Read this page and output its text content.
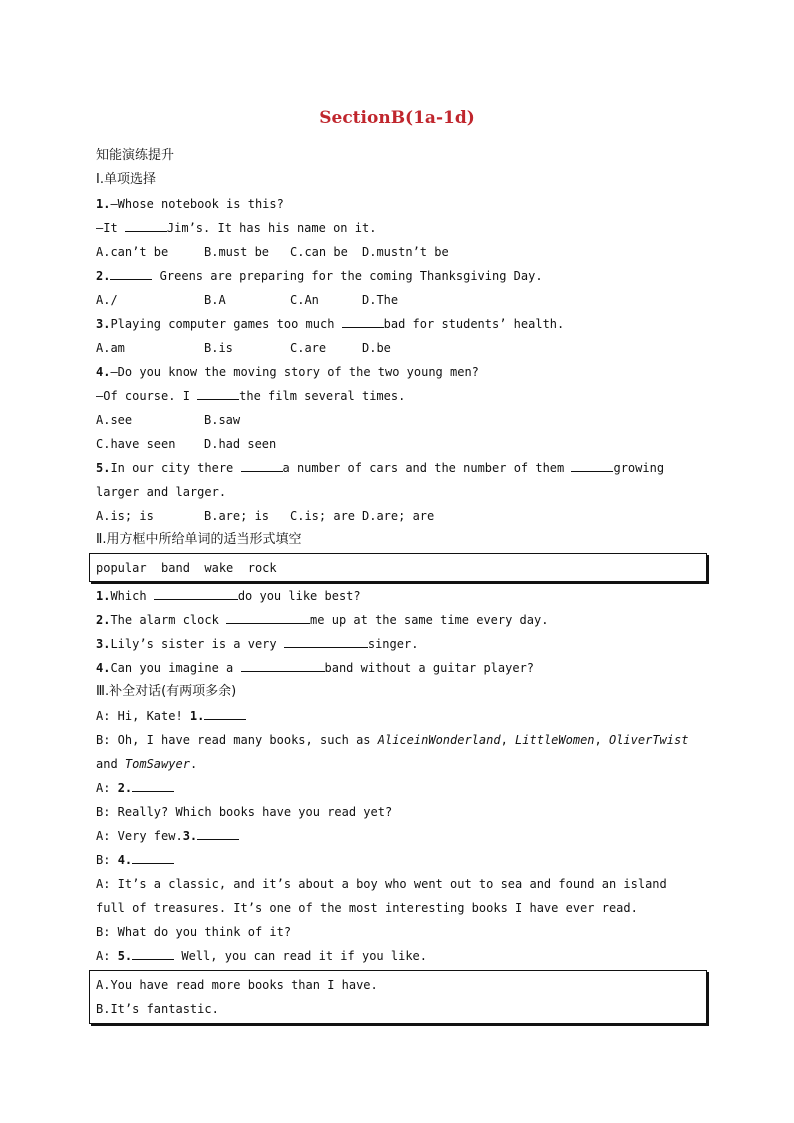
SectionB(1a-1d)
知能演练提升
Ⅰ.单项选择
1.—Whose notebook is this?
—It	Jim’s. It has his name on it.
A.can’t be	B.must be C.can be D.mustn’t be
2.	Greens are preparing for the coming Thanksgiving Day.
A./	B.A	C.An	D.The
3.Playing computer games too much	bad for students’ health.
A.am	B.is	C.are	D.be
4.—Do you know the moving story of the two young men?
—Of course. I	the film several times.
A.see	B.saw
C.have seen D.had seen
5.In our city there	a number of cars and the number of them	growing
larger and larger.
A.is; is	B.are; is C.is; are D.are; are
Ⅱ.用方框中所给单词的适当形式填空
popular  band  wake  rock
1.Which	do you like best?
2.The alarm clock	me up at the same time every day.
3.Lily’s sister is a very	singer.
4.Can you imagine a	band without a guitar player?
Ⅲ.补全对话(有两项多余)
A: Hi, Kate! 1.
B: Oh, I have read many books, such as AliceinWonderland, LittleWomen, OliverTwist
and TomSawyer.
A: 2.
B: Really? Which books have you read yet?
A: Very few.3.
B: 4.
A: It’s a classic, and it’s about a boy who went out to sea and found an island
full of treasures. It’s one of the most interesting books I have ever read.
B: What do you think of it?
A: 5.	Well, you can read it if you like.
A.You have read more books than I have.
B.It’s fantastic.
